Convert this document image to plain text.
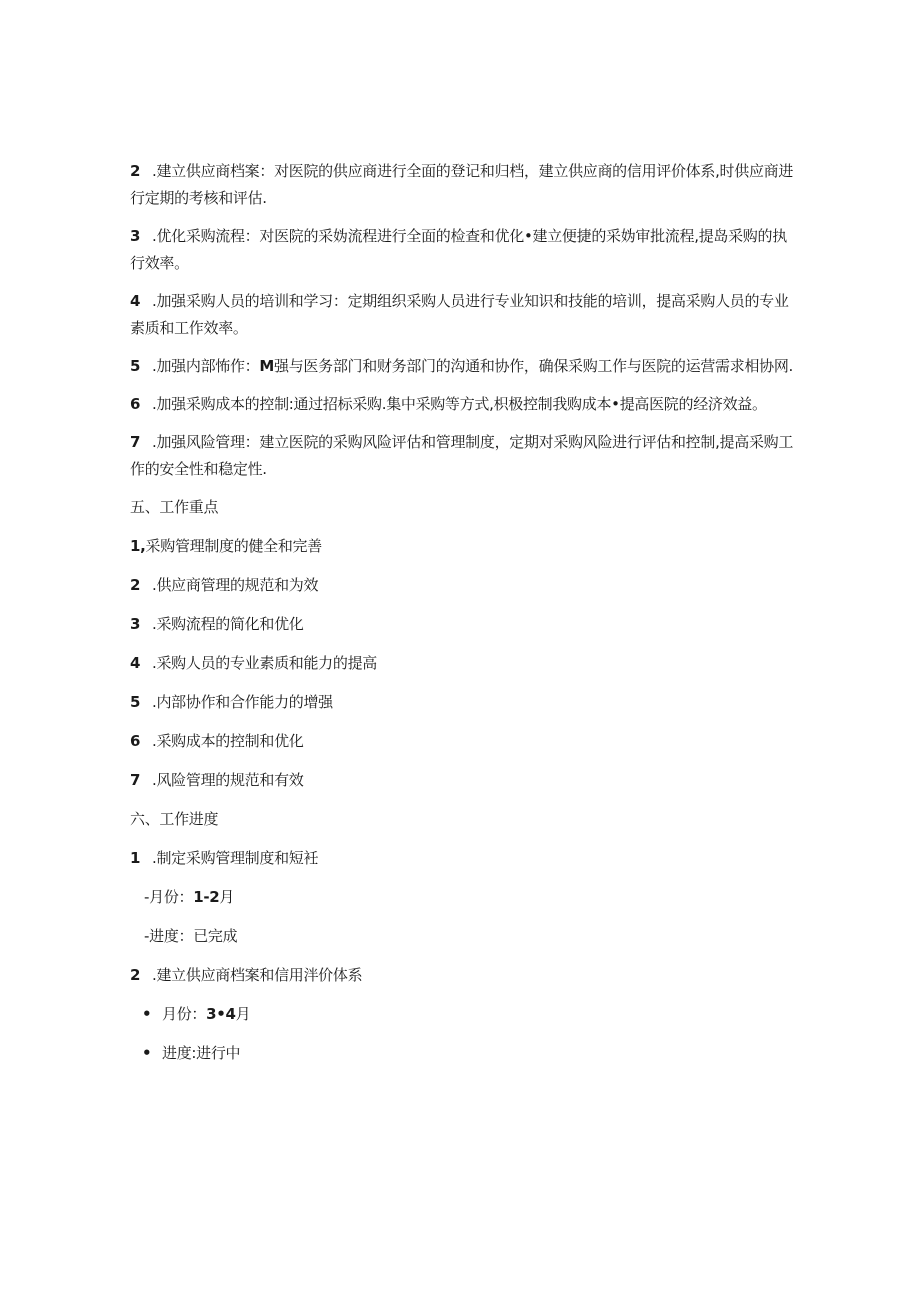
2 .建立供应商档案：对医院的供应商进行全面的登记和归档，建立供应商的信用评价体系,时供应商进行定期的考核和评估.

3 .优化采购流程：对医院的采妫流程进行全面的检查和优化•建立便捷的采妫审批流程,提岛采购的执行效率。

4 .加强采购人员的培训和学习：定期组织采购人员进行专业知识和技能的培训，提高采购人员的专业素质和工作效率。

5 .加强内部怖作：M强与医务部门和财务部门的沟通和协作，确保采购工作与医院的运营需求相协网.

6 .加强采购成本的控制:通过招标采购.集中采购等方式,枳极控制我购成本•提高医院的经济效益。

7 .加强风险管理：建立医院的采购风险评估和管理制度，定期对采购风险进行评估和控制,提高采购工作的安全性和稳定性.

五、工作重点
1,采购管理制度的健全和完善
2 .供应商管理的规范和为效
3 .采购流程的简化和优化
4 .采购人员的专业素质和能力的提高
5 .内部协作和合作能力的增强
6 .采购成本的控制和优化
7 .风险管理的规范和有效
六、工作进度
1 .制定采购管理制度和短衽
-月份：1-2月
-进度：已完成
2 .建立供应商档案和信用泮价体系
• 月份：3•4月
• 进度:进行中
